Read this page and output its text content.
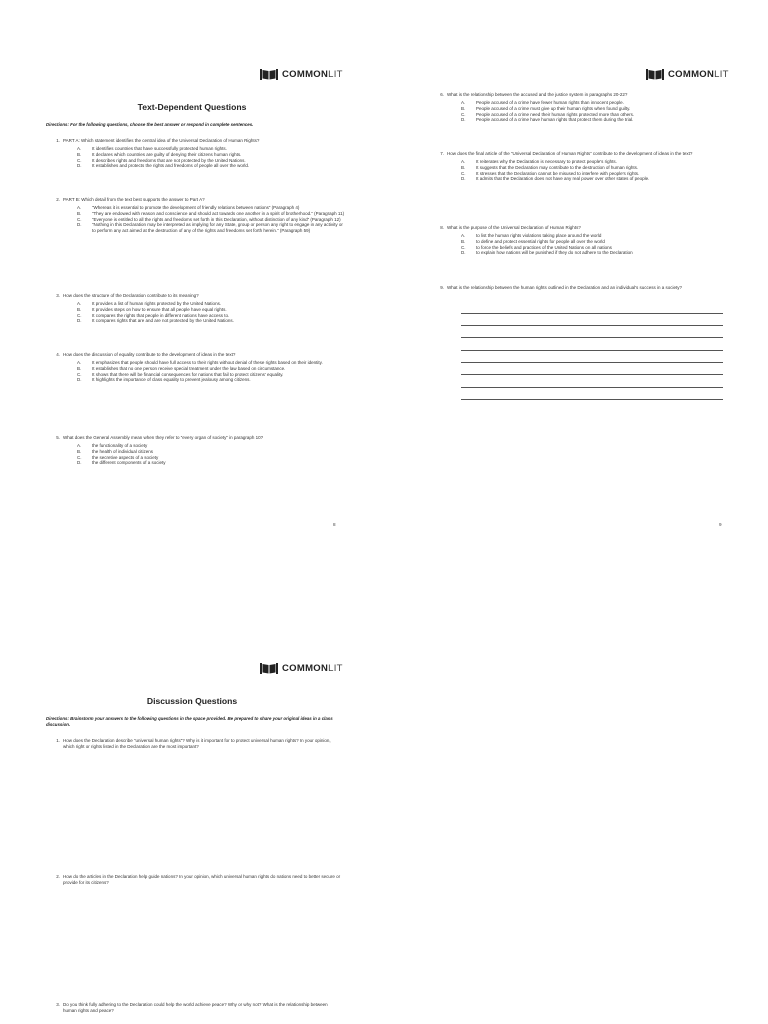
COMMONLIT
Text-Dependent Questions
Directions: For the following questions, choose the best answer or respond in complete sentences.
1. PART A: Which statement identifies the central idea of the Universal Declaration of Human Rights?
A. It identifies countries that have successfully protected human rights.
B. It declares which countries are guilty of denying their citizens human rights.
C. It describes rights and freedoms that are not protected by the United Nations.
D. It establishes and protects the rights and freedoms of people all over the world.
2. PART B: Which detail from the text best supports the answer to Part A?
A. “Whereas it is essential to promote the development of friendly relations between nations” (Paragraph 4)
B. “They are endowed with reason and conscience and should act towards one another in a spirit of brotherhood.” (Paragraph 11)
C. “Everyone is entitled to all the rights and freedoms set forth in this Declaration, without distinction of any kind” (Paragraph 12)
D. “Nothing in this Declaration may be interpreted as implying for any State, group or person any right to engage in any activity or to perform any act aimed at the destruction of any of the rights and freedoms set forth herein.” (Paragraph 59)
3. How does the structure of the Declaration contribute to its meaning?
A. It provides a list of human rights protected by the United Nations.
B. It provides steps on how to ensure that all people have equal rights.
C. It compares the rights that people in different nations have access to.
D. It compares rights that are and are not protected by the United Nations.
4. How does the discussion of equality contribute to the development of ideas in the text?
A. It emphasizes that people should have full access to their rights without denial of these rights based on their identity.
B. It establishes that no one person receive special treatment under the law based on circumstance.
C. It shows that there will be financial consequences for nations that fail to protect citizens' equality.
D. It highlights the importance of class equality to prevent jealousy among citizens.
5. What does the General Assembly mean when they refer to “every organ of society” in paragraph 10?
A. the functionality of a society
B. the health of individual citizens
C. the secretive aspects of a society
D. the different components of a society
8
COMMONLIT
6. What is the relationship between the accused and the justice system in paragraphs 20-22?
A. People accused of a crime have fewer human rights than innocent people.
B. People accused of a crime must give up their human rights when found guilty.
C. People accused of a crime need their human rights protected more than others.
D. People accused of a crime have human rights that protect them during the trial.
7. How does the final article of the “Universal Declaration of Human Rights” contribute to the development of ideas in the text?
A. It reiterates why the Declaration is necessary to protect people's rights.
B. It suggests that the Declaration may contribute to the destruction of human rights.
C. It stresses that the Declaration cannot be misused to interfere with people's rights.
D. It admits that the Declaration does not have any real power over other states of people.
8. What is the purpose of the Universal Declaration of Human Rights?
A. to list the human rights violations taking place around the world
B. to define and protect essential rights for people all over the world
C. to force the beliefs and practices of the United Nations on all nations
D. to explain how nations will be punished if they do not adhere to the Declaration
9. What is the relationship between the human rights outlined in the Declaration and an individual's success in a society?
9
COMMONLIT
Discussion Questions
Directions: Brainstorm your answers to the following questions in the space provided. Be prepared to share your original ideas in a class discussion.
1. How does the Declaration describe “universal human rights”? Why is it important for to protect universal human rights? In your opinion, which right or rights listed in the Declaration are the most important?
2. How do the articles in the Declaration help guide nations? In your opinion, which universal human rights do nations need to better secure or provide for its citizens?
3. Do you think fully adhering to the Declaration could help the world achieve peace? Why or why not? What is the relationship between human rights and peace?
